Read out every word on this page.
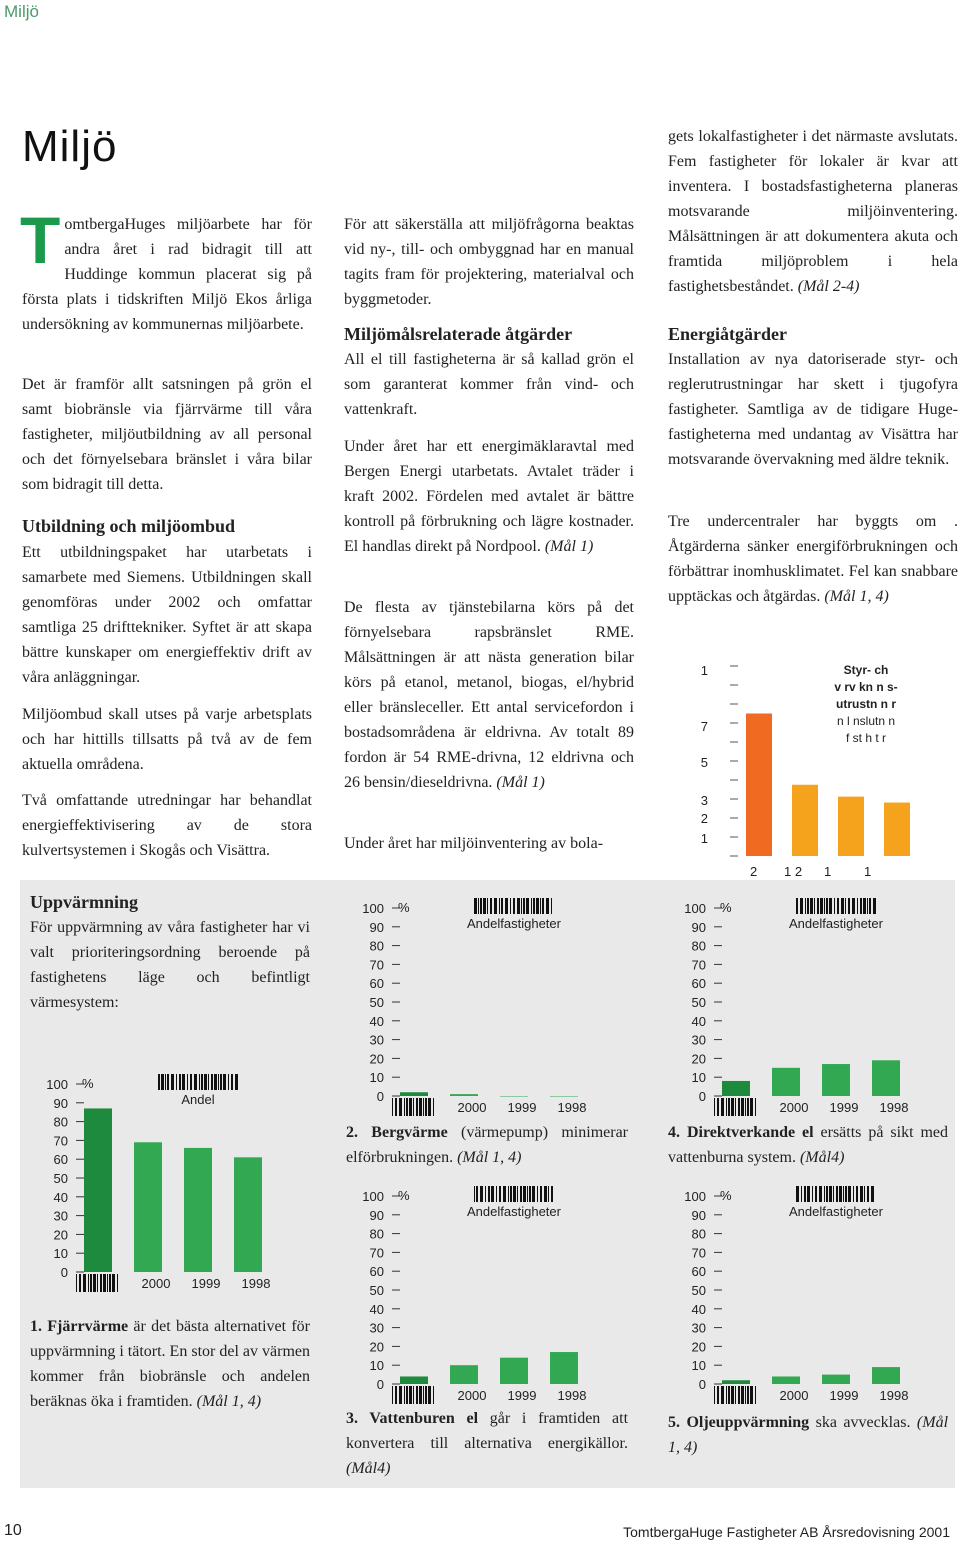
Miljö
Miljö
TomtbergaHuges miljöarbete har för andra året i rad bidragit till att Huddinge kommun placerat sig på första plats i tidskriften Miljö Ekos årliga undersökning av kommunernas miljöarbete.
Det är framför allt satsningen på grön el samt biobränsle via fjärrvärme till våra fastigheter, miljöutbildning av all personal och det förnyelsebara bränslet i våra bilar som bidragit till detta.
Utbildning och miljöombud
Ett utbildningspaket har utarbetats i samarbete med Siemens. Utbildningen skall genomföras under 2002 och omfattar samtliga 25 drifttekniker. Syftet är att skapa bättre kunskaper om energieffektiv drift av våra anläggningar.
Miljöombud skall utses på varje arbetsplats och har hittills tillsatts på två av de fem aktuella områdena.
Två omfattande utredningar har behandlat energieffektivisering av de stora kulvertsystemen i Skogås och Visättra.
För att säkerställa att miljöfrågorna beaktas vid ny-, till- och ombyggnad har en manual tagits fram för projektering, materialval och byggmetoder.
Miljömålsrelaterade åtgärder
All el till fastigheterna är så kallad grön el som garanterat kommer från vind- och vattenkraft.
Under året har ett energimäklaravtal med Bergen Energi utarbetats. Avtalet träder i kraft 2002. Fördelen med avtalet är bättre kontroll på förbrukning och lägre kostnader. El handlas direkt på Nordpool. (Mål 1)
De flesta av tjänstebilarna körs på det förnyelsebara rapsbränslet RME. Målsättningen är att nästa generation bilar körs på etanol, metanol, biogas, el/hybrid eller bränsleceller. Ett antal servicefordon i bostadsområdena är eldrivna. Av totalt 89 fordon är 54 RME-drivna, 12 eldrivna och 26 bensin/dieseldrivna. (Mål 1)
Under året har miljöinventering av bola-
gets lokalfastigheter i det närmaste avslutats. Fem fastigheter för lokaler är kvar att inventera. I bostadsfastigheterna planeras motsvarande miljöinventering. Målsättningen är att dokumentera akuta och framtida miljöproblem i hela fastighetsbeståndet. (Mål 2-4)
Energiåtgärder
Installation av nya datoriserade styr- och reglerutrustningar har skett i tjugofyra fastigheter. Samtliga av de tidigare Huge-fastigheterna med undantag av Visättra har motsvarande övervakning med äldre teknik.
Tre undercentraler har byggts om . Åtgärderna sänker energiförbrukningen och förbättrar inomhusklimatet. Fel kan snabbare upptäckas och åtgärdas. (Mål 1, 4)
1
7
5
3
2
1
Styr- ch
v rv kn n s-
utrustn n r
n l nslutn n
f st h t r
2 1 2 1	1
Uppvärmning
För uppvärmning av våra fastigheter har vi valt prioriteringsordning beroende på fastighetens läge och befintligt värmesystem:
100
90
80
70
60
50
40
30
20
10
0
%
Andel
2000 1999 1998
1. Fjärrvärme är det bästa alternativet för uppvärmning i tätort. En stor del av värmen kommer från biobränsle och andelen beräknas öka i framtiden. (Mål 1, 4)
100
90
80
70
60
50
40
30
20
10
0
%
Andelfastigheter
2000 1999 1998
2. Bergvärme (värmepump) minimerar elförbrukningen. (Mål 1, 4)
100
90
80
70
60
50
40
30
20
10
0
%
Andelfastigheter
2000 1999 1998
3. Vattenburen el går i framtiden att konvertera till alternativa energikällor. (Mål4)
100
90
80
70
60
50
40
30
20
10
0
%
Andelfastigheter
2000 1999 1998
4. Direktverkande el ersätts på sikt med vattenburna system. (Mål4)
100
90
80
70
60
50
40
30
20
10
0
%
Andelfastigheter
2000 1999 1998
5. Oljeuppvärmning ska avvecklas. (Mål 1, 4)
10	TomtbergaHuge Fastigheter AB Årsredovisning 2001
